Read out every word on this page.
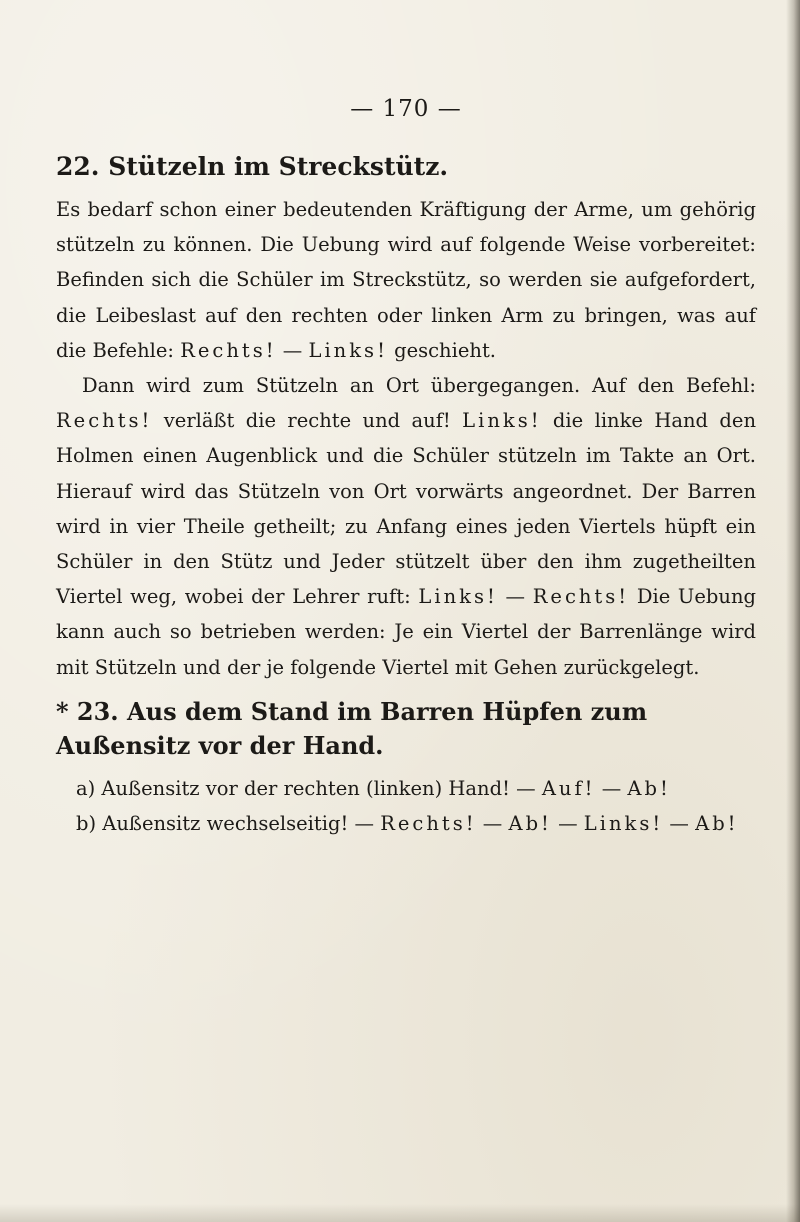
— 170 —
22. Stützeln im Streckstütz.

Es bedarf schon einer bedeutenden Kräftigung der Arme, um gehörig stützeln zu können. Die Uebung wird auf folgende Weise vorbereitet: Befinden sich die Schüler im Streckstütz, so werden sie aufgefordert, die Leibeslast auf den rechten oder linken Arm zu bringen, was auf die Befehle: Rechts! — Links! geschieht.

Dann wird zum Stützeln an Ort übergegangen. Auf den Befehl: Rechts! verläßt die rechte und auf! Links! die linke Hand den Holmen einen Augenblick und die Schüler stützeln im Takte an Ort. Hierauf wird das Stützeln von Ort vorwärts angeordnet. Der Barren wird in vier Theile getheilt; zu Anfang eines jeden Viertels hüpft ein Schüler in den Stütz und Jeder stützelt über den ihm zugetheilten Viertel weg, wobei der Lehrer ruft: Links! — Rechts! Die Uebung kann auch so betrieben werden: Je ein Viertel der Barrenlänge wird mit Stützeln und der je folgende Viertel mit Gehen zurückgelegt.

* 23. Aus dem Stand im Barren Hüpfen zum Außensitz vor der Hand.

a) Außensitz vor der rechten (linken) Hand! — Auf! — Ab!

b) Außensitz wechselseitig! — Rechts! — Ab! — Links! — Ab!
